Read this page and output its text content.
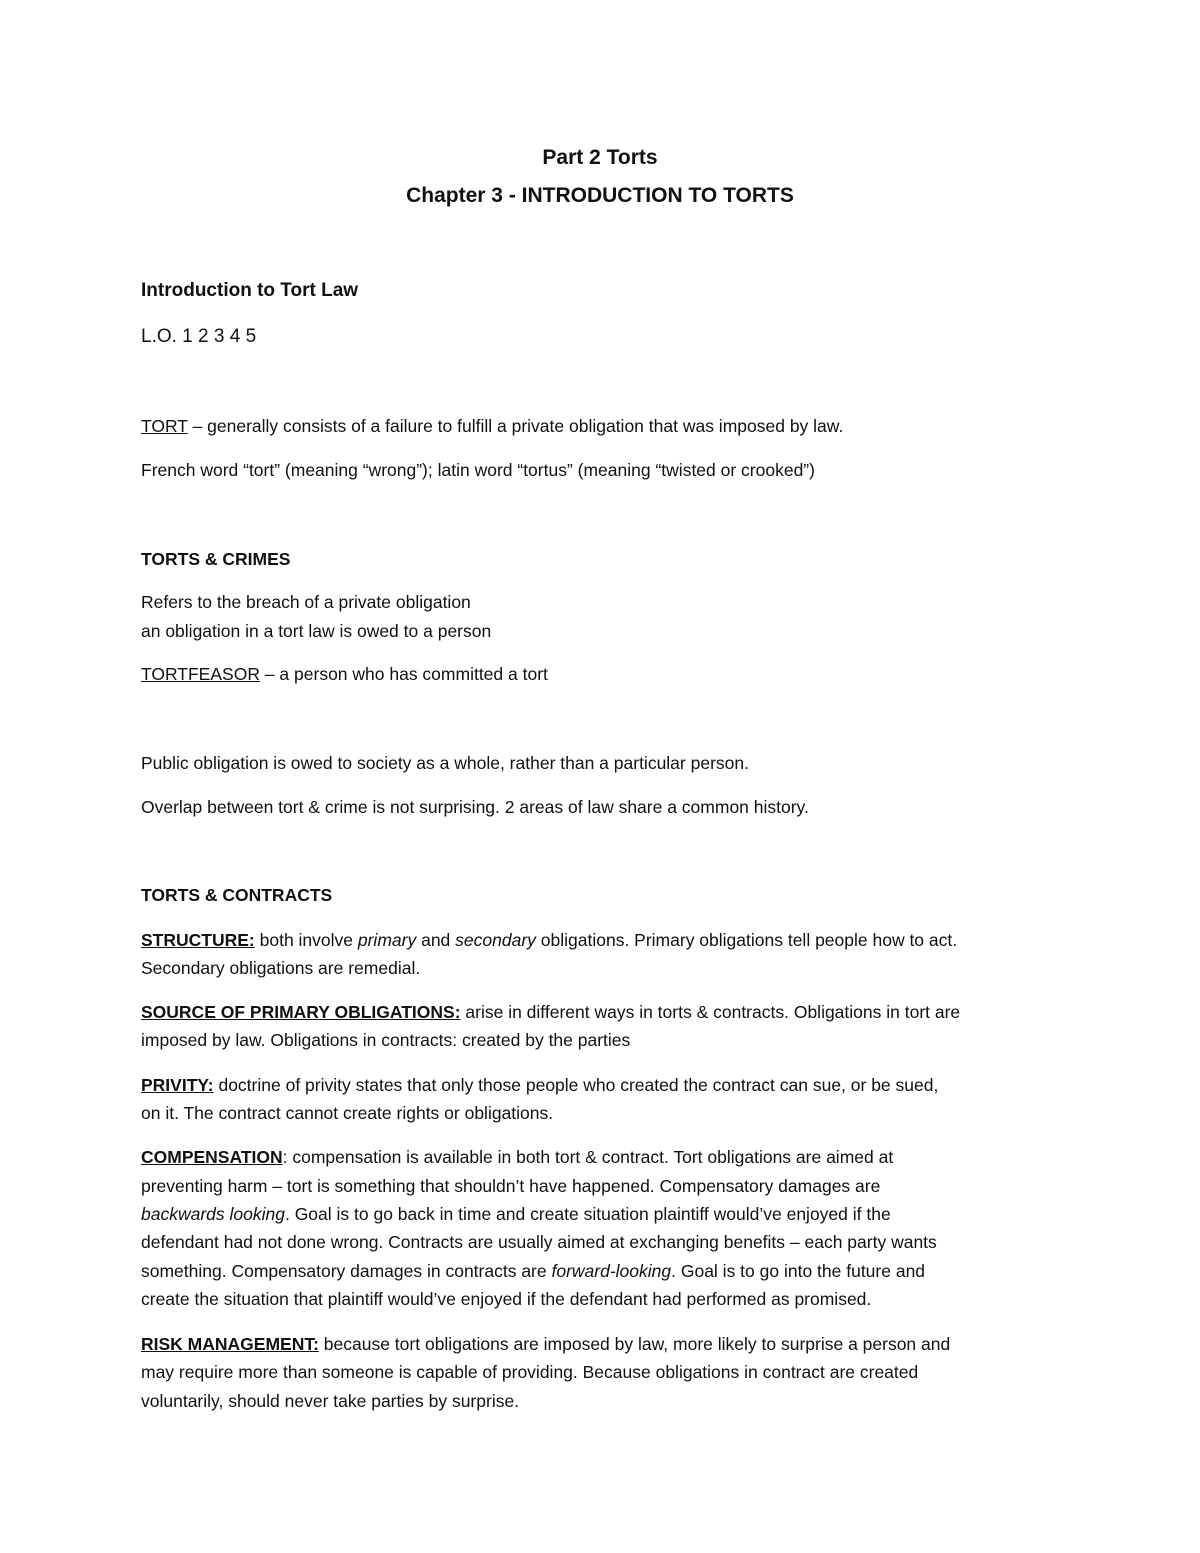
Part 2 Torts
Chapter 3 - INTRODUCTION TO TORTS
Introduction to Tort Law
L.O. 1 2 3 4 5
TORT – generally consists of a failure to fulfill a private obligation that was imposed by law.
French word “tort” (meaning “wrong”); latin word “tortus” (meaning “twisted or crooked”)
TORTS & CRIMES
Refers to the breach of a private obligation
an obligation in a tort law is owed to a person
TORTFEASOR – a person who has committed a tort
Public obligation is owed to society as a whole, rather than a particular person.
Overlap between tort & crime is not surprising. 2 areas of law share a common history.
TORTS & CONTRACTS
STRUCTURE: both involve primary and secondary obligations. Primary obligations tell people how to act.
Secondary obligations are remedial.
SOURCE OF PRIMARY OBLIGATIONS: arise in different ways in torts & contracts. Obligations in tort are
imposed by law. Obligations in contracts: created by the parties
PRIVITY: doctrine of privity states that only those people who created the contract can sue, or be sued,
on it. The contract cannot create rights or obligations.
COMPENSATION: compensation is available in both tort & contract. Tort obligations are aimed at
preventing harm – tort is something that shouldn’t have happened. Compensatory damages are
backwards looking. Goal is to go back in time and create situation plaintiff would’ve enjoyed if the
defendant had not done wrong. Contracts are usually aimed at exchanging benefits – each party wants
something. Compensatory damages in contracts are forward-looking. Goal is to go into the future and
create the situation that plaintiff would’ve enjoyed if the defendant had performed as promised.
RISK MANAGEMENT: because tort obligations are imposed by law, more likely to surprise a person and
may require more than someone is capable of providing. Because obligations in contract are created
voluntarily, should never take parties by surprise.
